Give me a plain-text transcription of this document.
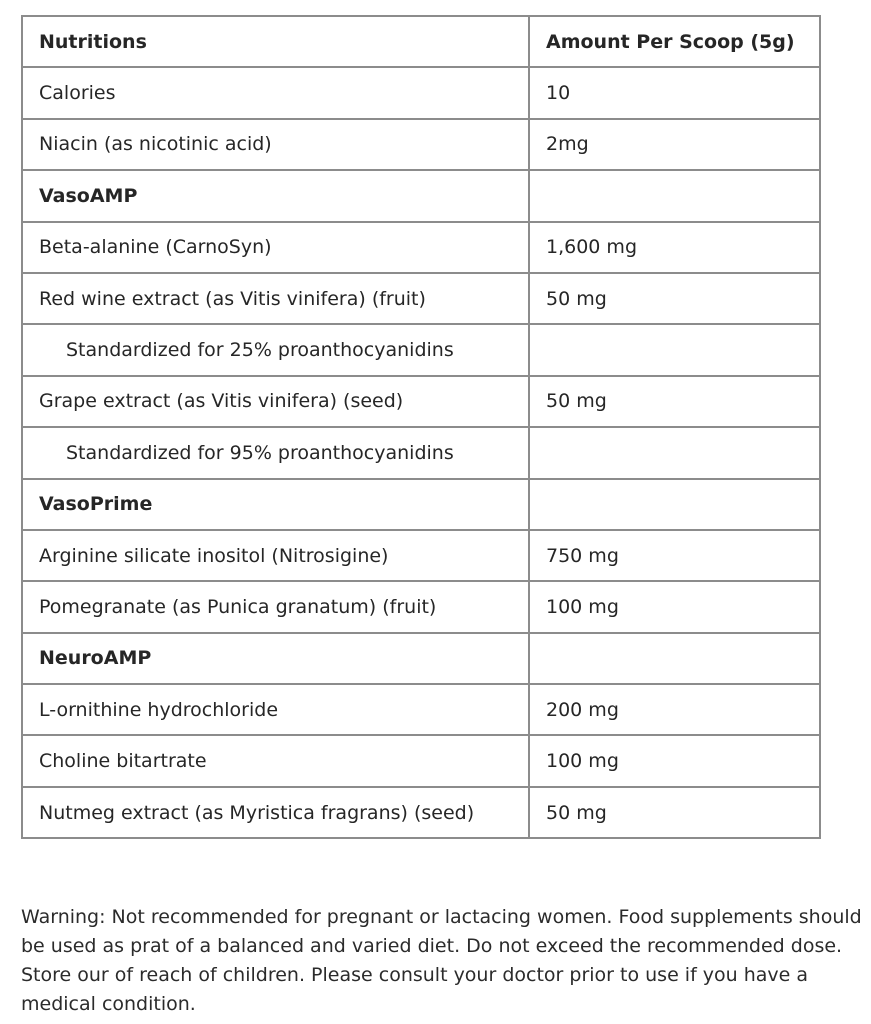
Nutritions	Amount Per Scoop (5g)
Calories	10
Niacin (as nicotinic acid)	2mg
VasoAMP	
Beta-alanine (CarnoSyn)	1,600 mg
Red wine extract (as Vitis vinifera) (fruit)	50 mg
Standardized for 25% proanthocyanidins	
Grape extract (as Vitis vinifera) (seed)	50 mg
Standardized for 95% proanthocyanidins	
VasoPrime	
Arginine silicate inositol (Nitrosigine)	750 mg
Pomegranate (as Punica granatum) (fruit)	100 mg
NeuroAMP	
L-ornithine hydrochloride	200 mg
Choline bitartrate	100 mg
Nutmeg extract (as Myristica fragrans) (seed)	50 mg

Warning: Not recommended for pregnant or lactacing women. Food supplements should be used as prat of a balanced and varied diet. Do not exceed the recommended dose. Store our of reach of children. Please consult your doctor prior to use if you have a medical condition.
